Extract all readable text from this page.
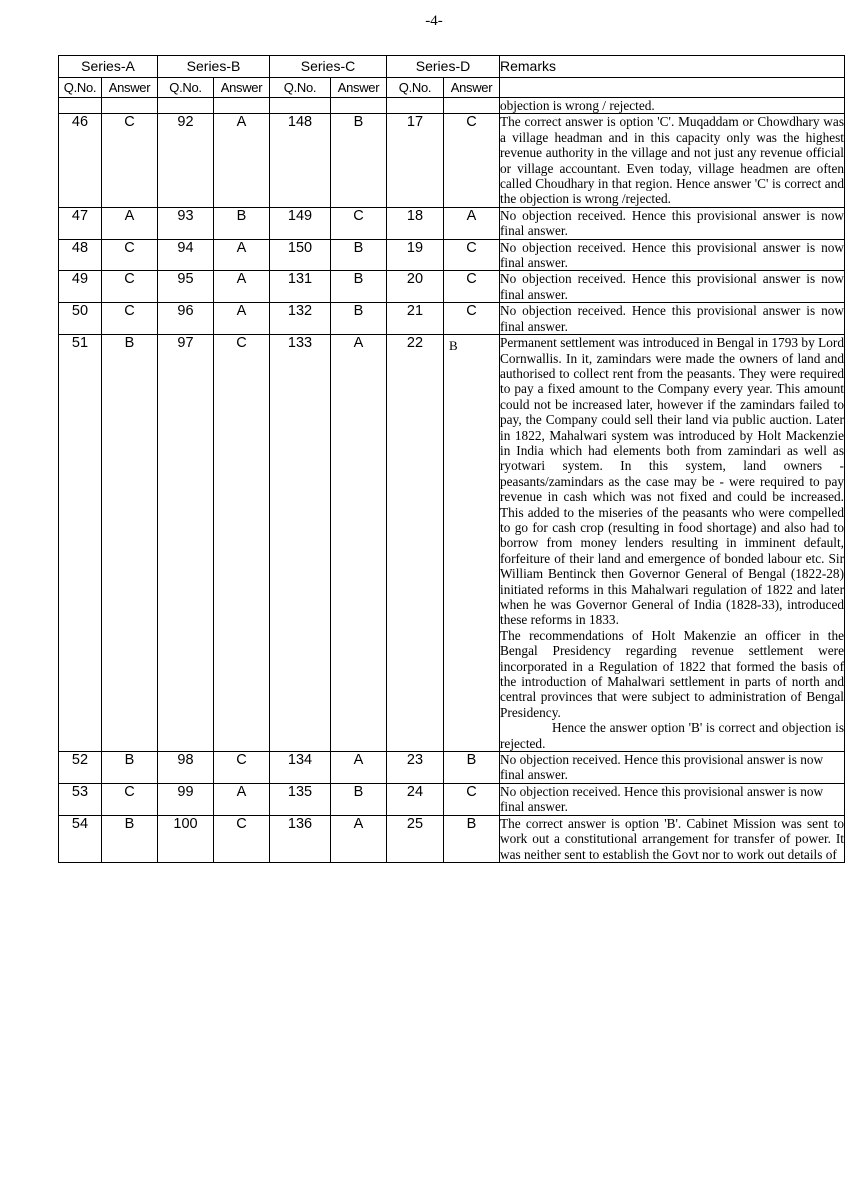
-4-
Series-A		Series-B		Series-C		Series-D		Remarks
Q.No.	Answer	Q.No.	Answer	Q.No.	Answer	Q.No.	Answer	
								objection is wrong / rejected.
46	C	92	A	148	B	17	C	The correct answer is option 'C'. Muqaddam or Chowdhary was a village headman and in this capacity only was the highest revenue authority in the village and not just any revenue official or village accountant. Even today, village headmen are often called Choudhary in that region. Hence answer 'C' is correct and the objection is wrong /rejected.
47	A	93	B	149	C	18	A	No objection received. Hence this provisional answer is now final answer.
48	C	94	A	150	B	19	C	No objection received. Hence this provisional answer is now final answer.
49	C	95	A	131	B	20	C	No objection received. Hence this provisional answer is now final answer.
50	C	96	A	132	B	21	C	No objection received. Hence this provisional answer is now final answer.
51	B	97	C	133	A	22	B	Permanent settlement was introduced in Bengal in 1793 by Lord Cornwallis. In it, zamindars were made the owners of land and authorised to collect rent from the peasants. They were required to pay a fixed amount to the Company every year. This amount could not be increased later, however if the zamindars failed to pay, the Company could sell their land via public auction. Later in 1822, Mahalwari system was introduced by Holt Mackenzie in India which had elements both from zamindari as well as ryotwari system. In this system, land owners - peasants/zamindars as the case may be - were required to pay revenue in cash which was not fixed and could be increased. This added to the miseries of the peasants who were compelled to go for cash crop (resulting in food shortage) and also had to borrow from money lenders resulting in imminent default, forfeiture of their land and emergence of bonded labour etc. Sir William Bentinck then Governor General of Bengal (1822-28) initiated reforms in this Mahalwari regulation of 1822 and later when he was Governor General of India (1828-33), introduced these reforms in 1833.
The recommendations of Holt Makenzie an officer in the Bengal Presidency regarding revenue settlement were incorporated in a Regulation of 1822 that formed the basis of the introduction of Mahalwari settlement in parts of north and central provinces that were subject to administration of Bengal Presidency.
Hence the answer option 'B' is correct and objection is rejected.

52	B	98	C	134	A	23	B	No objection received. Hence this provisional answer is now final answer.
53	C	99	A	135	B	24	C	No objection received. Hence this provisional answer is now final answer.
54	B	100	C	136	A	25	B	The correct answer is option 'B'. Cabinet Mission was sent to work out a constitutional arrangement for transfer of power. It was neither sent to establish the Govt nor to work out details of
